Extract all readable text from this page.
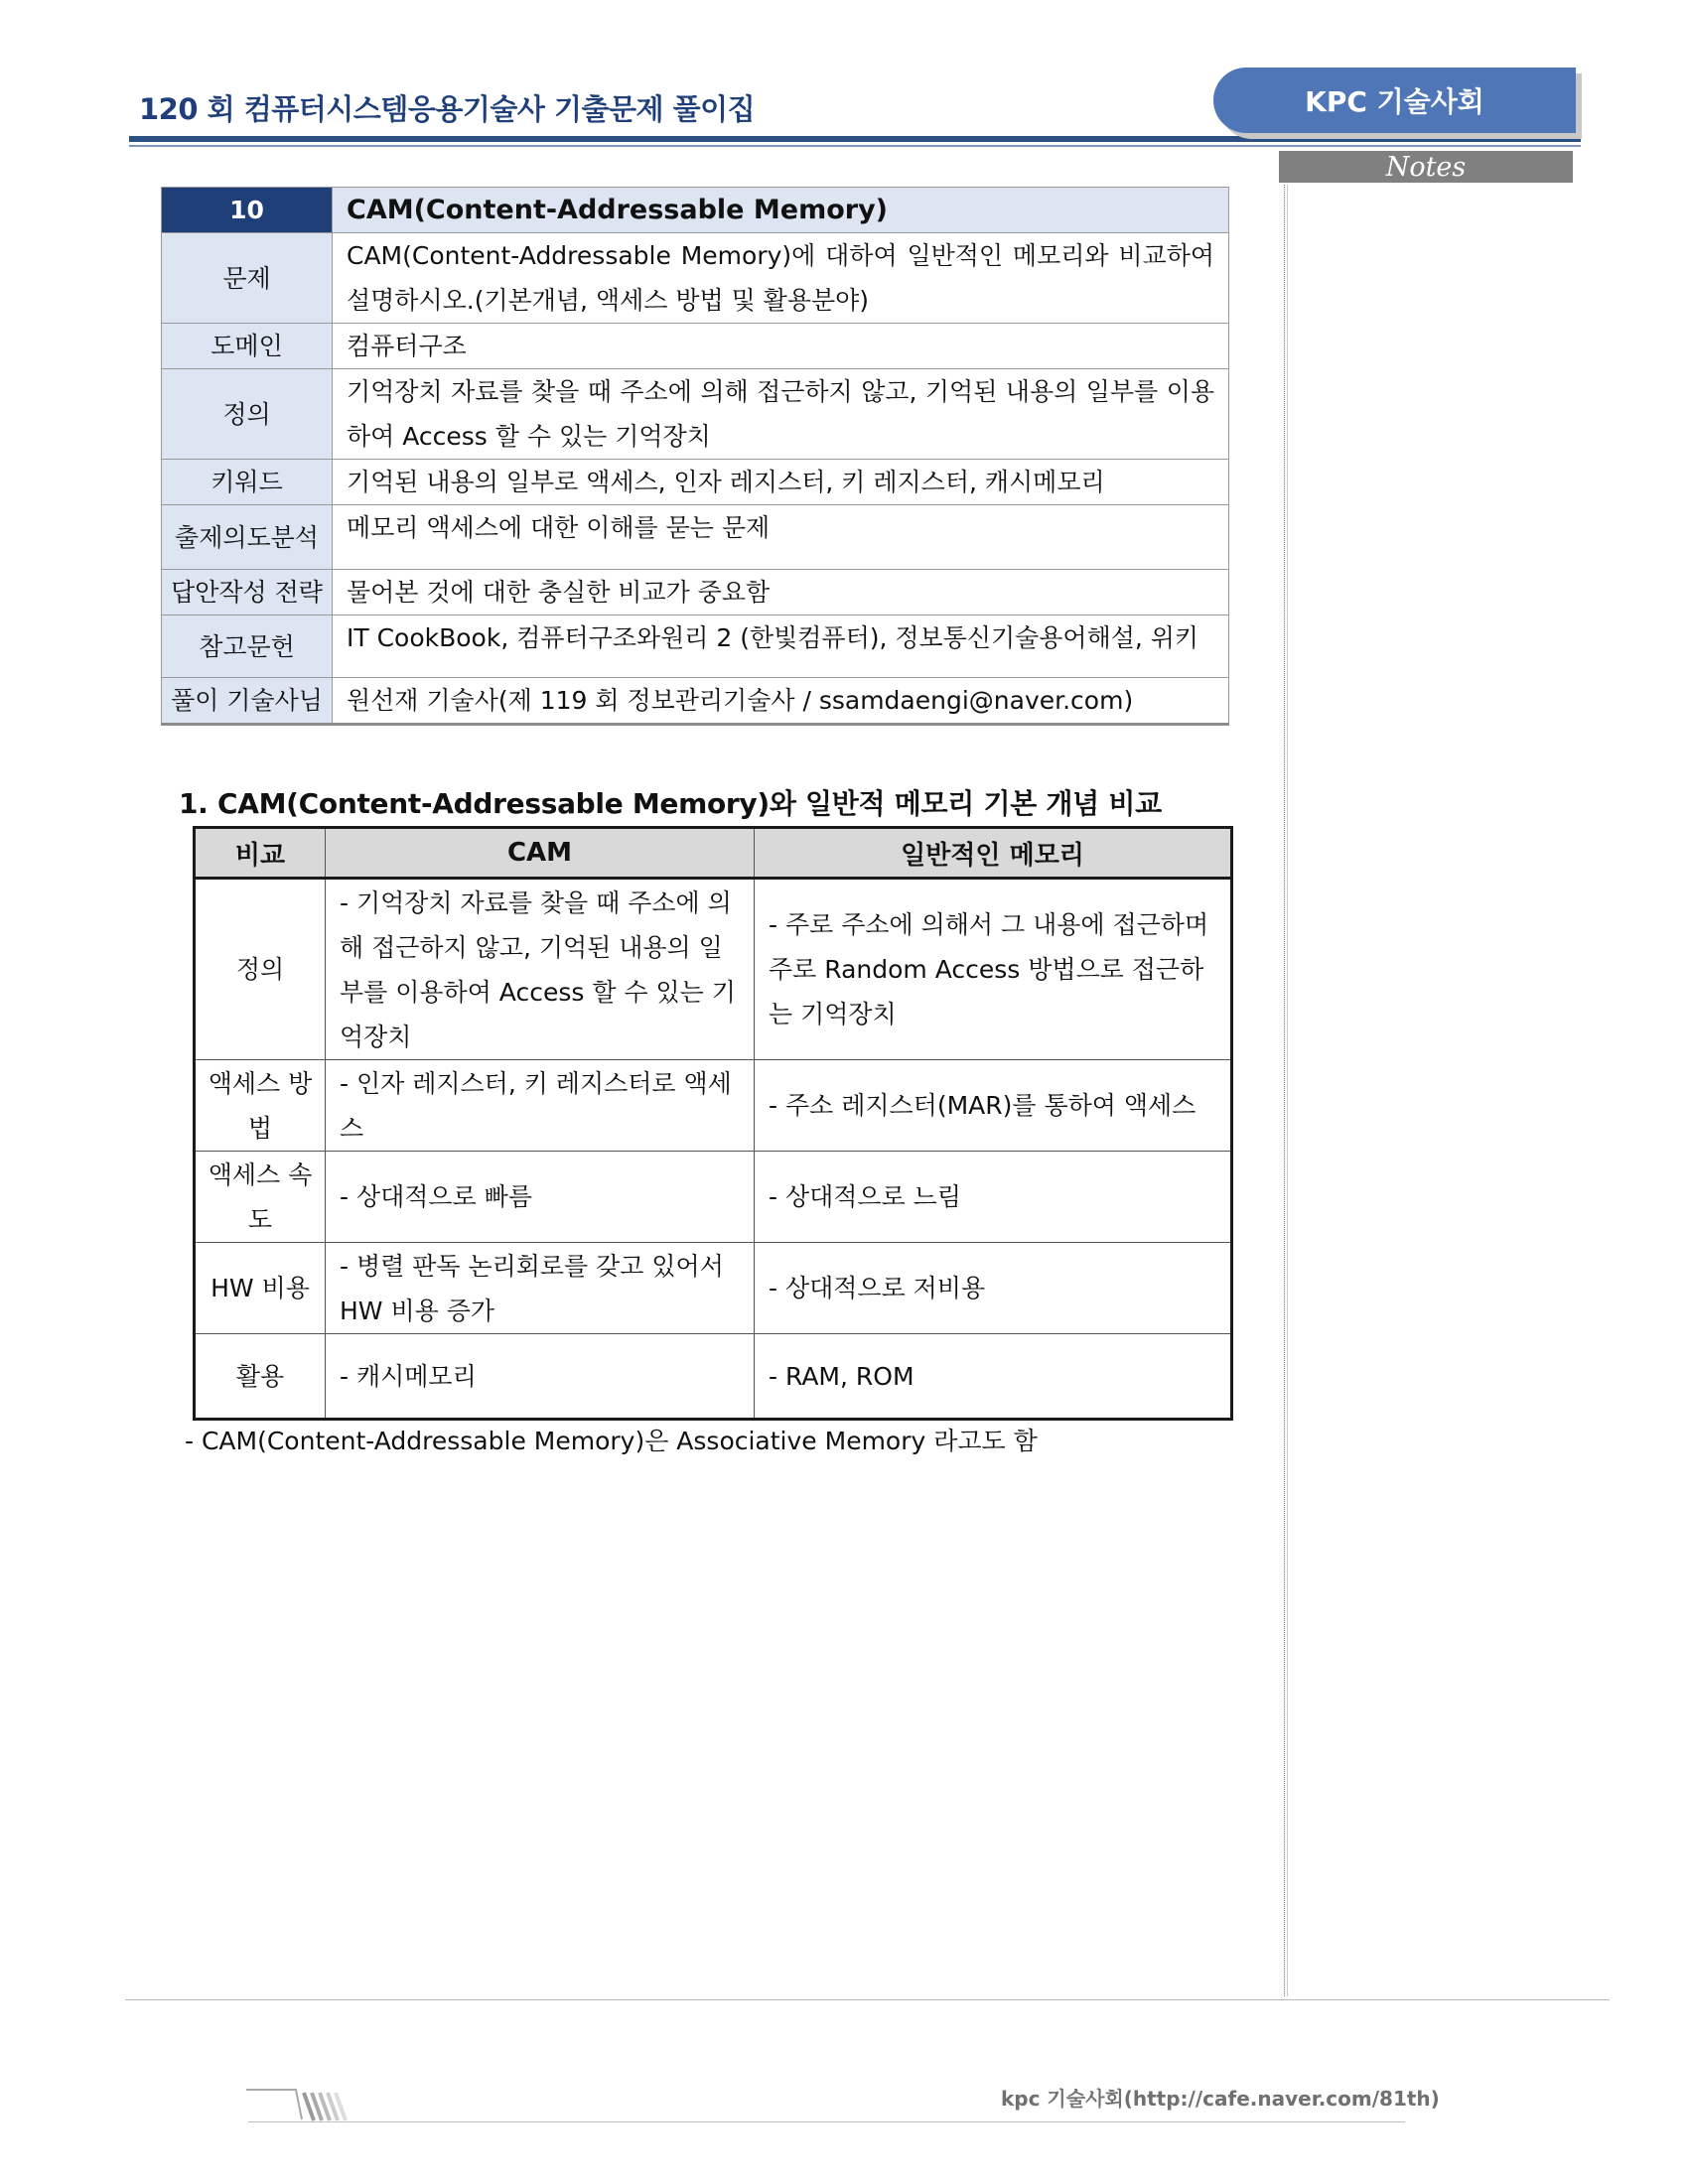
120 회 컴퓨터시스템응용기술사 기출문제 풀이집	KPC 기술사회
Notes
10	CAM(Content-Addressable Memory)
문제	CAM(Content-Addressable Memory)에 대하여 일반적인 메모리와 비교하여 설명하시오.(기본개념, 액세스 방법 및 활용분야)
도메인	컴퓨터구조
정의	기억장치 자료를 찾을 때 주소에 의해 접근하지 않고, 기억된 내용의 일부를 이용하여 Access 할 수 있는 기억장치
키워드	기억된 내용의 일부로 액세스, 인자 레지스터, 키 레지스터, 캐시메모리
출제의도분석	메모리 액세스에 대한 이해를 묻는 문제
답안작성 전략	물어본 것에 대한 충실한 비교가 중요함
참고문헌	IT CookBook, 컴퓨터구조와원리 2 (한빛컴퓨터), 정보통신기술용어해설, 위키
풀이 기술사님	원선재 기술사(제 119 회 정보관리기술사 / ssamdaengi@naver.com)
1. CAM(Content-Addressable Memory)와 일반적 메모리 기본 개념 비교
비교	CAM	일반적인 메모리
정의	- 기억장치 자료를 찾을 때 주소에 의해 접근하지 않고, 기억된 내용의 일부를 이용하여 Access 할 수 있는 기억장치	- 주로 주소에 의해서 그 내용에 접근하며 주로 Random Access 방법으로 접근하는 기억장치
액세스 방법	- 인자 레지스터, 키 레지스터로 액세스	- 주소 레지스터(MAR)를 통하여 액세스
액세스 속도	- 상대적으로 빠름	- 상대적으로 느림
HW 비용	- 병렬 판독 논리회로를 갖고 있어서 HW 비용 증가	- 상대적으로 저비용
활용	- 캐시메모리	- RAM, ROM
- CAM(Content-Addressable Memory)은 Associative Memory 라고도 함
kpc 기술사회(http://cafe.naver.com/81th)
